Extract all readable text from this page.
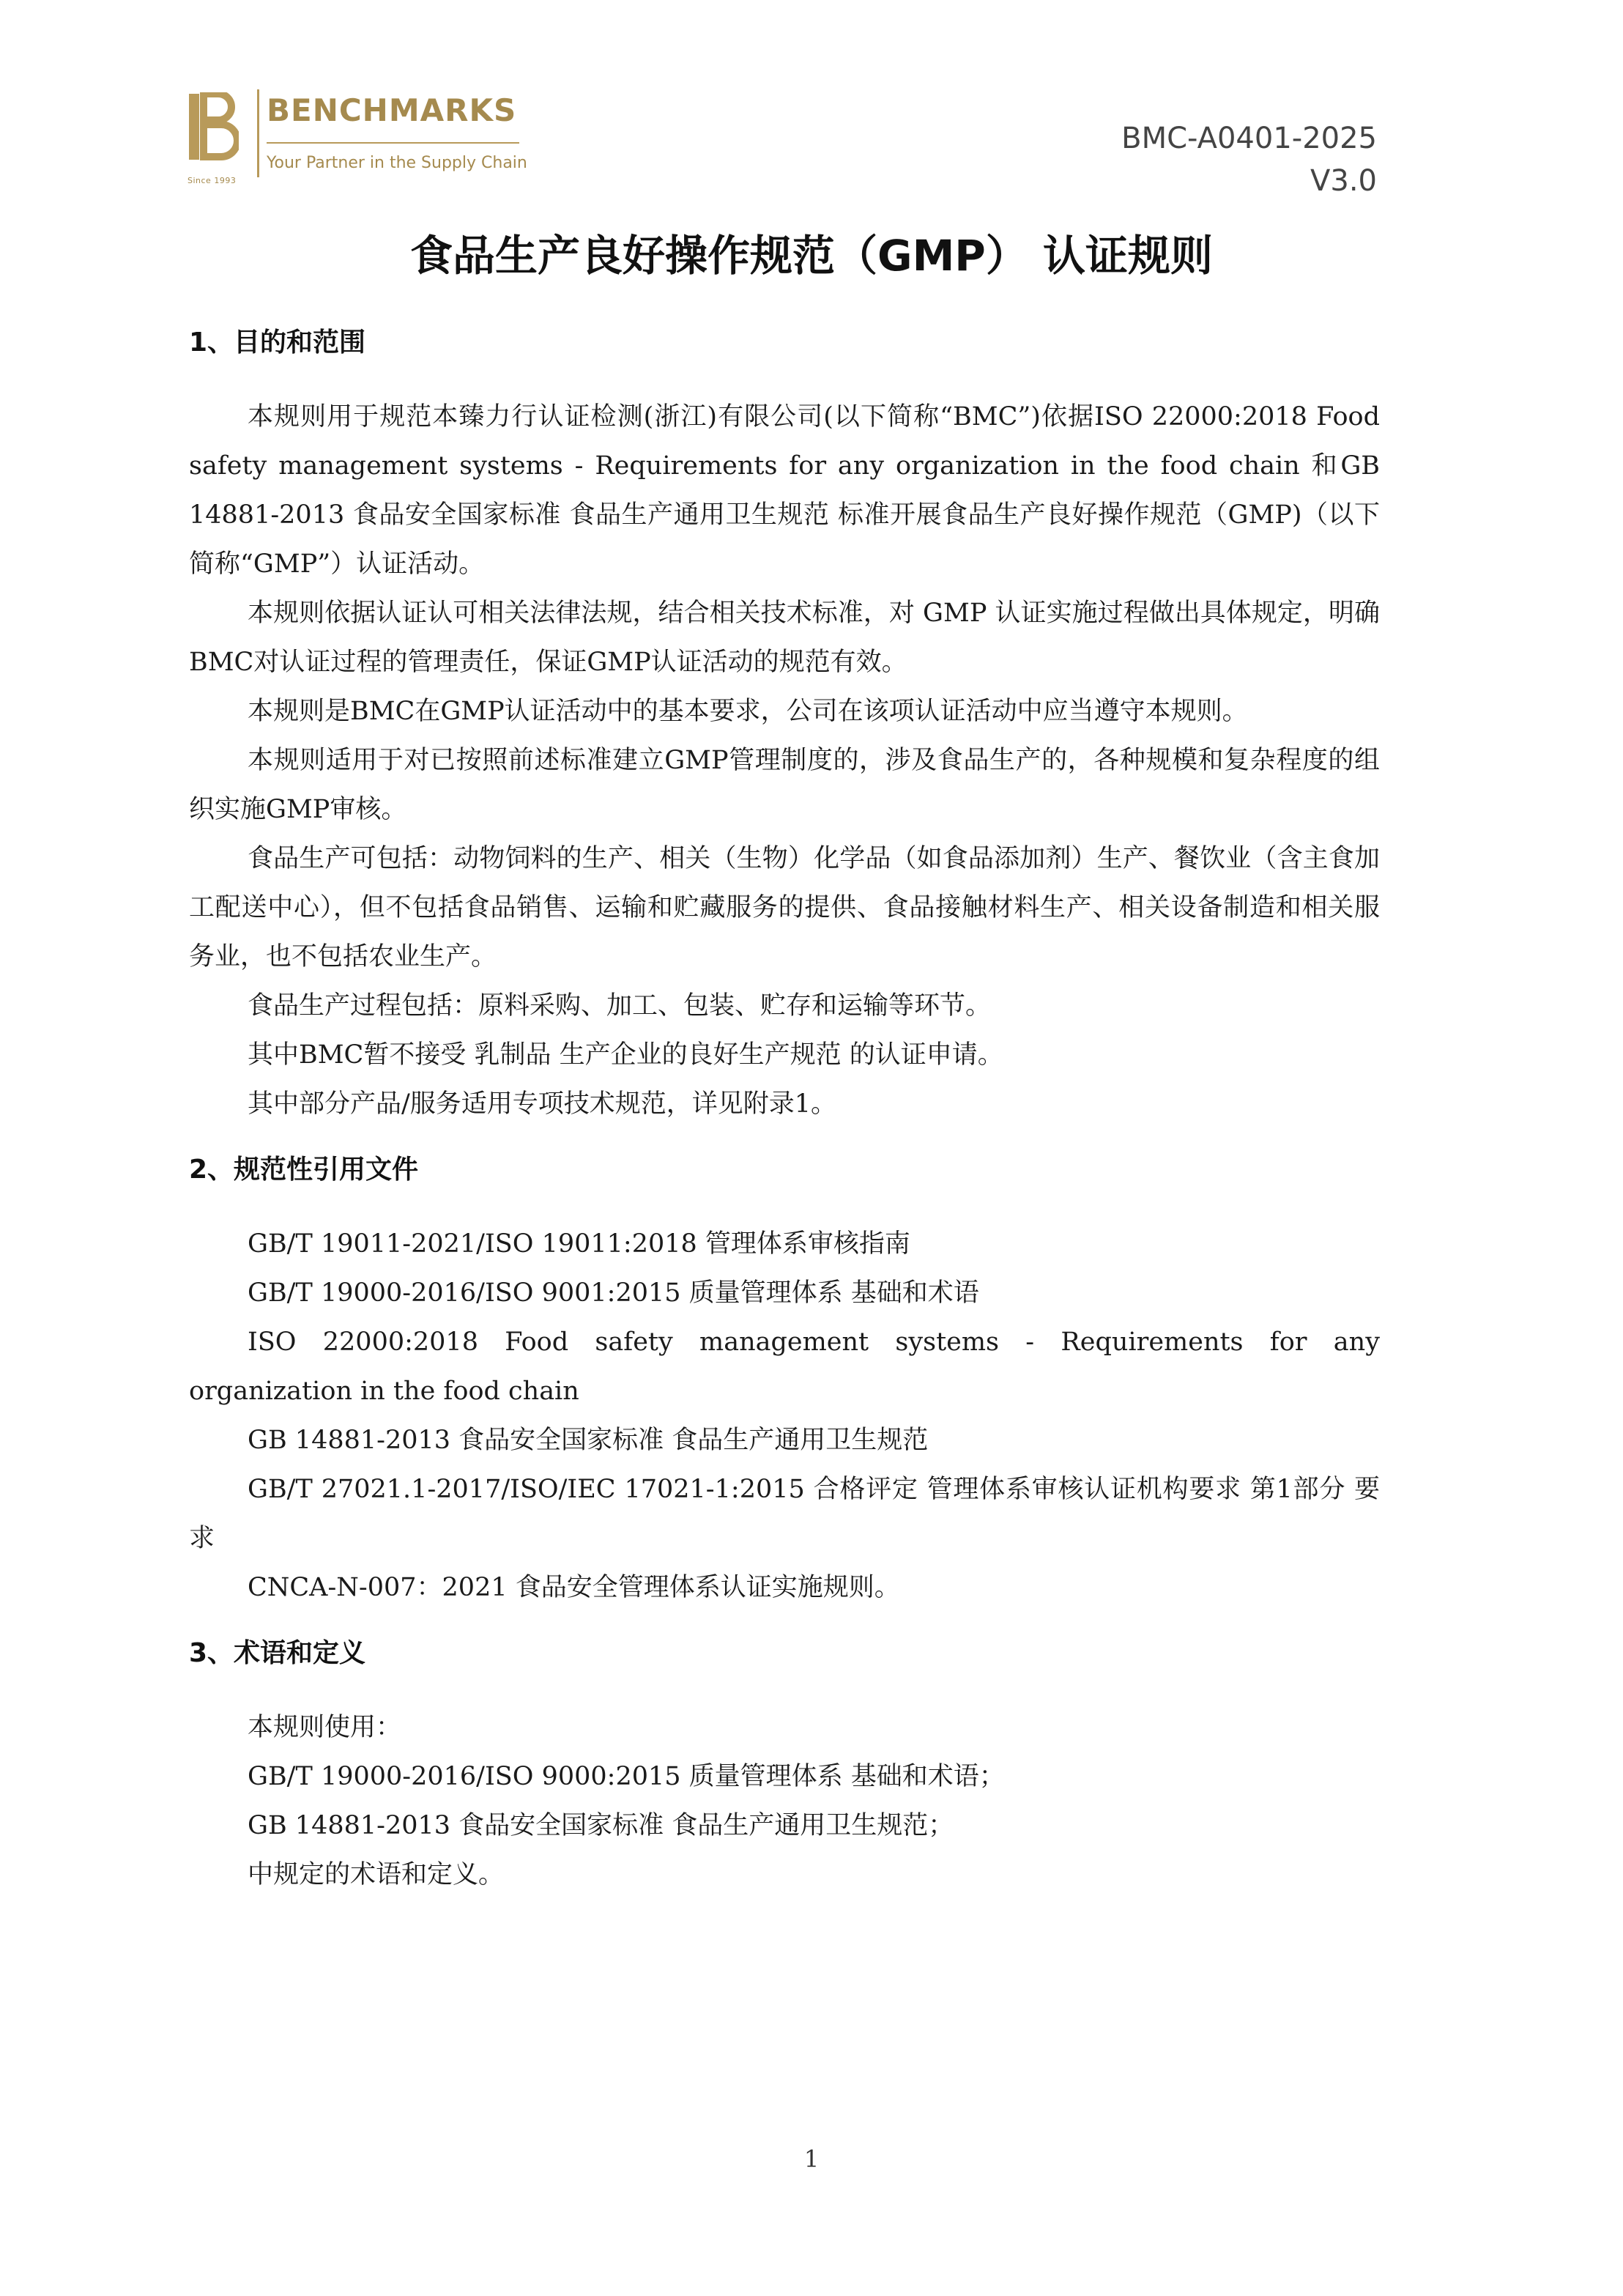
Since 1993
BENCHMARKS
Your Partner in the Supply Chain
BMC-A0401-2025
V3.0
食品生产良好操作规范（GMP） 认证规则
1、目的和范围

本规则用于规范本臻力行认证检测(浙江)有限公司(以下简称“BMC”)依据ISO 22000:2018 Food safety management systems - Requirements for any organization in the food chain 和GB 14881-2013 食品安全国家标准 食品生产通用卫生规范 标准开展食品生产良好操作规范（GMP)（以下简称“GMP”）认证活动。

本规则依据认证认可相关法律法规，结合相关技术标准，对 GMP 认证实施过程做出具体规定，明确BMC对认证过程的管理责任，保证GMP认证活动的规范有效。

本规则是BMC在GMP认证活动中的基本要求，公司在该项认证活动中应当遵守本规则。

本规则适用于对已按照前述标准建立GMP管理制度的，涉及食品生产的，各种规模和复杂程度的组织实施GMP审核。

食品生产可包括：动物饲料的生产、相关（生物）化学品（如食品添加剂）生产、餐饮业（含主食加工配送中心），但不包括食品销售、运输和贮藏服务的提供、食品接触材料生产、相关设备制造和相关服务业，也不包括农业生产。

食品生产过程包括：原料采购、加工、包装、贮存和运输等环节。

其中BMC暂不接受 乳制品 生产企业的良好生产规范 的认证申请。

其中部分产品/服务适用专项技术规范，详见附录1。

2、规范性引用文件

GB/T 19011-2021/ISO 19011:2018 管理体系审核指南

GB/T 19000-2016/ISO 9001:2015 质量管理体系 基础和术语

ISO 22000:2018 Food safety management systems - Requirements for any organization in the food chain

GB 14881-2013 食品安全国家标准 食品生产通用卫生规范

GB/T 27021.1-2017/ISO/IEC 17021-1:2015 合格评定 管理体系审核认证机构要求 第1部分 要求

CNCA-N-007：2021 食品安全管理体系认证实施规则。

3、术语和定义

本规则使用：

GB/T 19000-2016/ISO 9000:2015 质量管理体系 基础和术语；

GB 14881-2013 食品安全国家标准 食品生产通用卫生规范；

中规定的术语和定义。

1
